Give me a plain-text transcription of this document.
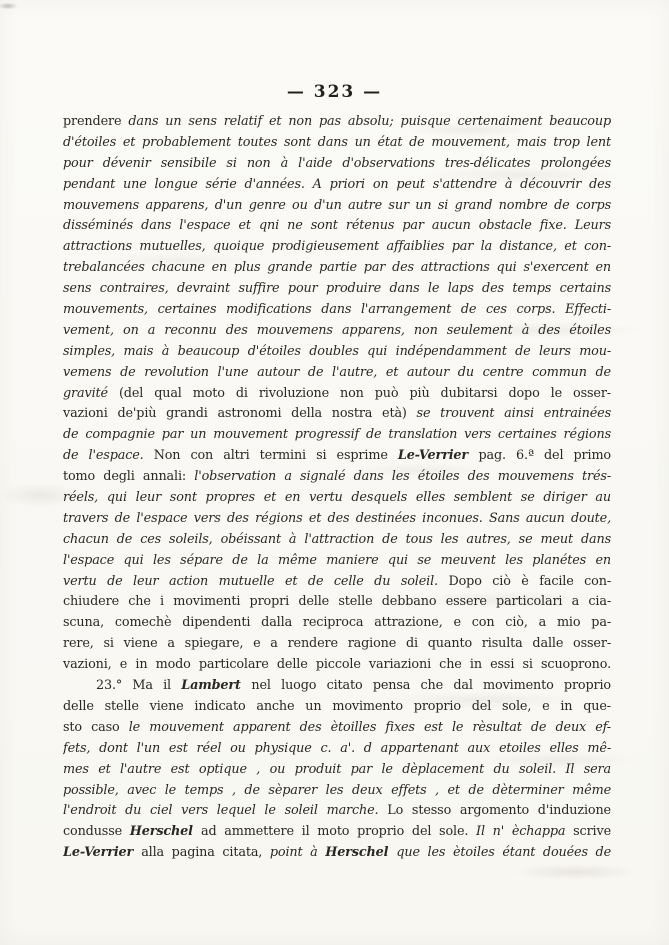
— 323 —
prendere dans un sens relatif et non pas absolu; puisque certenaiment beaucoup
d'étoiles et probablement toutes sont dans un état de mouvement, mais trop lent
pour dévenir sensibile si non à l'aide d'observations tres-délicates prolongées
pendant une longue série d'années. A priori on peut s'attendre à découvrir des
mouvemens apparens, d'un genre ou d'un autre sur un si grand nombre de corps
disséminés dans l'espace et qni ne sont rétenus par aucun obstacle fixe. Leurs
attractions mutuelles, quoique prodigieusement affaiblies par la distance, et con-
trebalancées chacune en plus grande partie par des attractions qui s'exercent en
sens contraires, devraint suffire pour produire dans le laps des temps certains
mouvements, certaines modifications dans l'arrangement de ces corps. Effecti-
vement, on a reconnu des mouvemens apparens, non seulement à des étoiles
simples, mais à beaucoup d'étoiles doubles qui indépendamment de leurs mou-
vemens de revolution l'une autour de l'autre, et autour du centre commun de
gravité (del qual moto di rivoluzione non può più dubitarsi dopo le osser-
vazioni de'più grandi astronomi della nostra età) se trouvent ainsi entrainées
de compagnie par un mouvement progressif de translation vers certaines régions
de l'espace. Non con altri termini si esprime Le-Verrier pag. 6.ª del primo
tomo degli annali: l'observation a signalé dans les étoiles des mouvemens trés-
réels, qui leur sont propres et en vertu desquels elles semblent se diriger au
travers de l'espace vers des régions et des destinées inconues. Sans aucun doute,
chacun de ces soleils, obéissant à l'attraction de tous les autres, se meut dans
l'espace qui les sépare de la même maniere qui se meuvent les planétes en
vertu de leur action mutuelle et de celle du soleil. Dopo ciò è facile con-
chiudere che i movimenti propri delle stelle debbano essere particolari a cia-
scuna, comechè dipendenti dalla reciproca attrazione, e con ciò, a mio pa-
rere, si viene a spiegare, e a rendere ragione di quanto risulta dalle osser-
vazioni, e in modo particolare delle piccole variazioni che in essi si scuoprono.
23.° Ma il Lambert nel luogo citato pensa che dal movimento proprio
delle stelle viene indicato anche un movimento proprio del sole, e in que-
sto caso le mouvement apparent des ètoilles fixes est le rèsultat de deux ef-
fets, dont l'un est réel ou physique c. a'. d appartenant aux etoiles elles mê-
mes et l'autre est optique , ou produit par le dèplacement du soleil. Il sera
possible, avec le temps , de sèparer les deux effets , et de dèterminer même
l'endroit du ciel vers lequel le soleil marche. Lo stesso argomento d'induzione
condusse Herschel ad ammettere il moto proprio del sole. Il n' èchappa scrive
Le-Verrier alla pagina citata, point à Herschel que les ètoiles étant douées de
